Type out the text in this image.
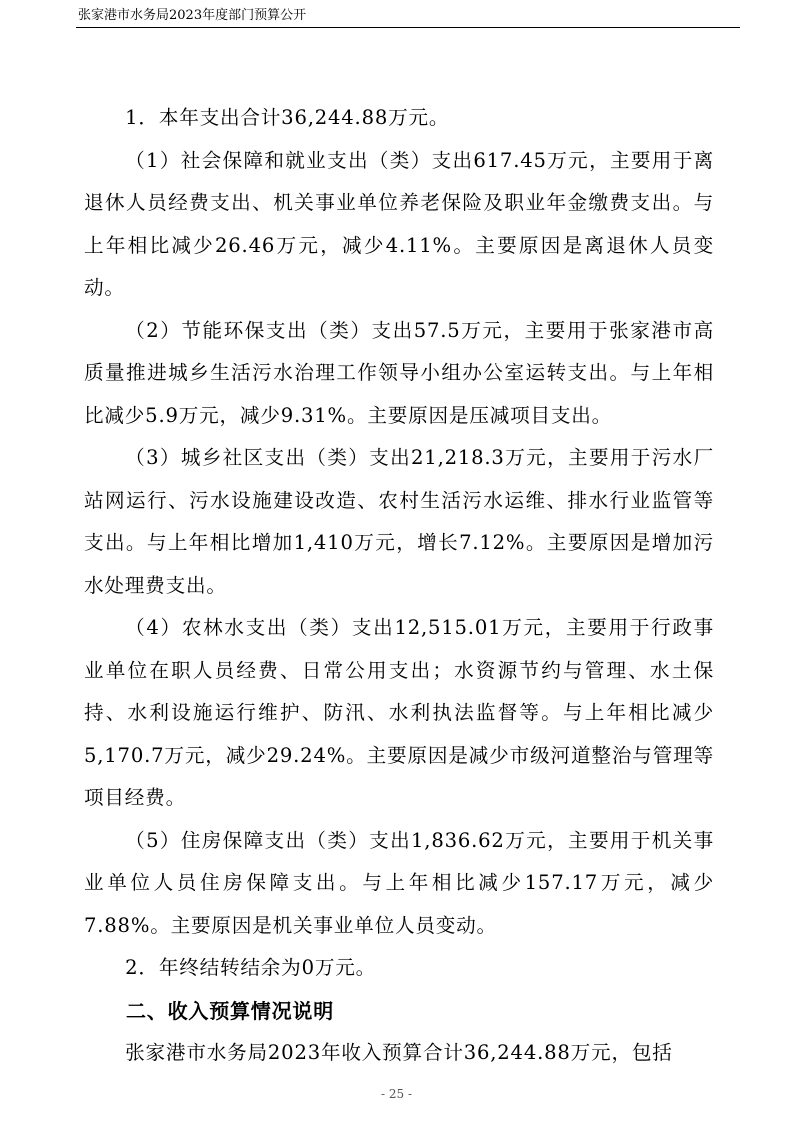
张家港市水务局2023年度部门预算公开

1．本年支出合计36,244.88万元。

（1）社会保障和就业支出（类）支出617.45万元，主要用于离退休人员经费支出、机关事业单位养老保险及职业年金缴费支出。与上年相比减少26.46万元，减少4.11%。主要原因是离退休人员变动。

（2）节能环保支出（类）支出57.5万元，主要用于张家港市高质量推进城乡生活污水治理工作领导小组办公室运转支出。与上年相比减少5.9万元，减少9.31%。主要原因是压减项目支出。

（3）城乡社区支出（类）支出21,218.3万元，主要用于污水厂站网运行、污水设施建设改造、农村生活污水运维、排水行业监管等支出。与上年相比增加1,410万元，增长7.12%。主要原因是增加污水处理费支出。

（4）农林水支出（类）支出12,515.01万元，主要用于行政事业单位在职人员经费、日常公用支出；水资源节约与管理、水土保持、水利设施运行维护、防汛、水利执法监督等。与上年相比减少5,170.7万元，减少29.24%。主要原因是减少市级河道整治与管理等项目经费。

（5）住房保障支出（类）支出1,836.62万元，主要用于机关事业单位人员住房保障支出。与上年相比减少157.17万元，减少7.88%。主要原因是机关事业单位人员变动。

2．年终结转结余为0万元。

二、收入预算情况说明

张家港市水务局2023年收入预算合计36,244.88万元，包括

- 25 -
